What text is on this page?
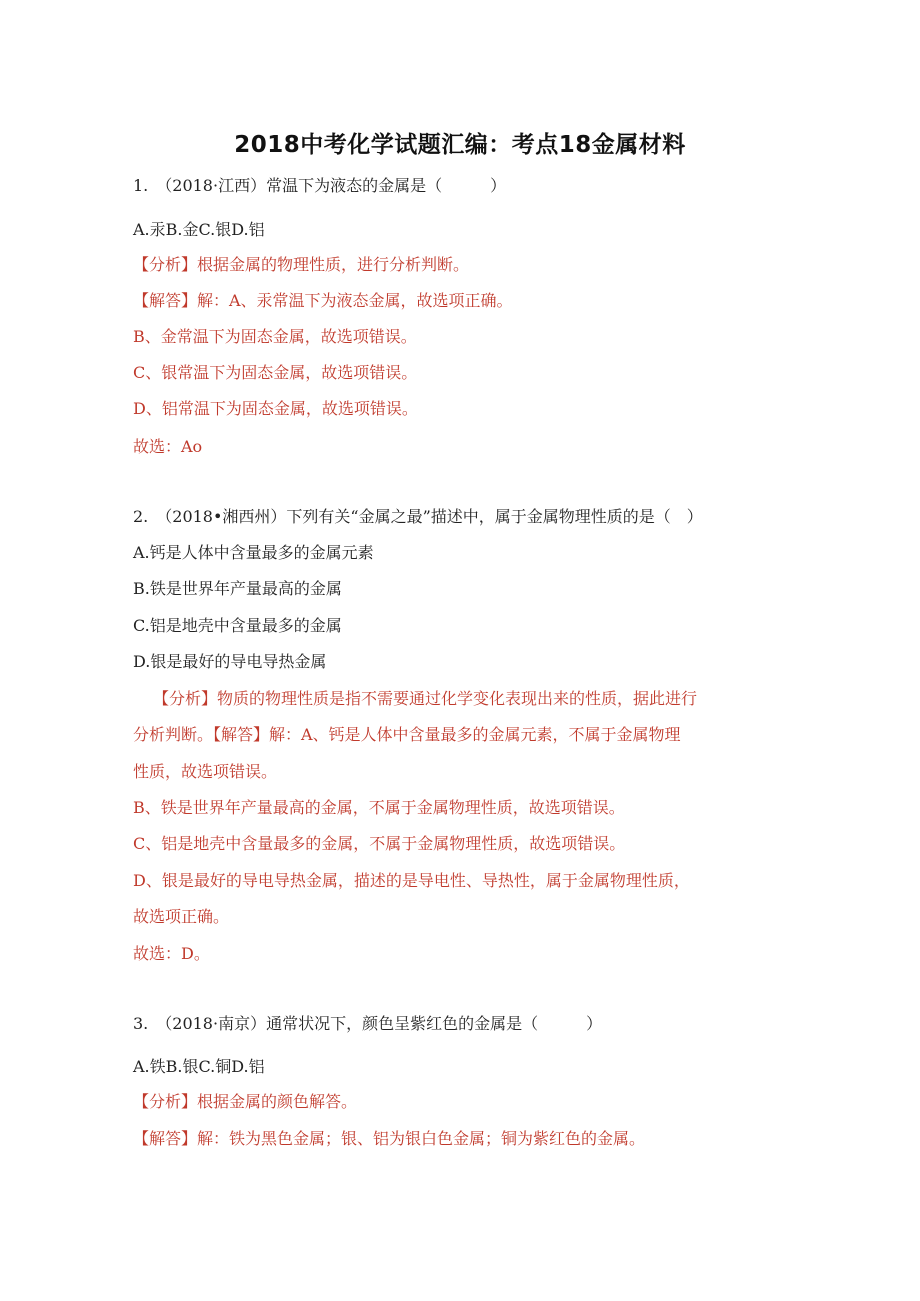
2018中考化学试题汇编：考点18金属材料
1.　（2018·江西）常温下为液态的金属是（　　　）
A.汞B.金C.银D.铝
【分析】根据金属的物理性质，进行分析判断。
【解答】解：A、汞常温下为液态金属，故选项正确。
B、金常温下为固态金属，故选项错误。
C、银常温下为固态金属，故选项错误。
D、铝常温下为固态金属，故选项错误。
故选：Ao
2.　（2018•湘西州）下列有关“金属之最”描述中，属于金属物理性质的是（　）
A.钙是人体中含量最多的金属元素
B.铁是世界年产量最高的金属
C.铝是地壳中含量最多的金属
D.银是最好的导电导热金属
【分析】物质的物理性质是指不需要通过化学变化表现出来的性质，据此进行
分析判断。【解答】解：A、钙是人体中含量最多的金属元素，不属于金属物理
性质，故选项错误。
B、铁是世界年产量最高的金属，不属于金属物理性质，故选项错误。
C、铝是地壳中含量最多的金属，不属于金属物理性质，故选项错误。
D、银是最好的导电导热金属，描述的是导电性、导热性，属于金属物理性质，
故选项正确。
故选：D。
3.　（2018·南京）通常状况下，颜色呈紫红色的金属是（　　　）
A.铁B.银C.铜D.铝
【分析】根据金属的颜色解答。
【解答】解：铁为黑色金属；银、铝为银白色金属；铜为紫红色的金属。
